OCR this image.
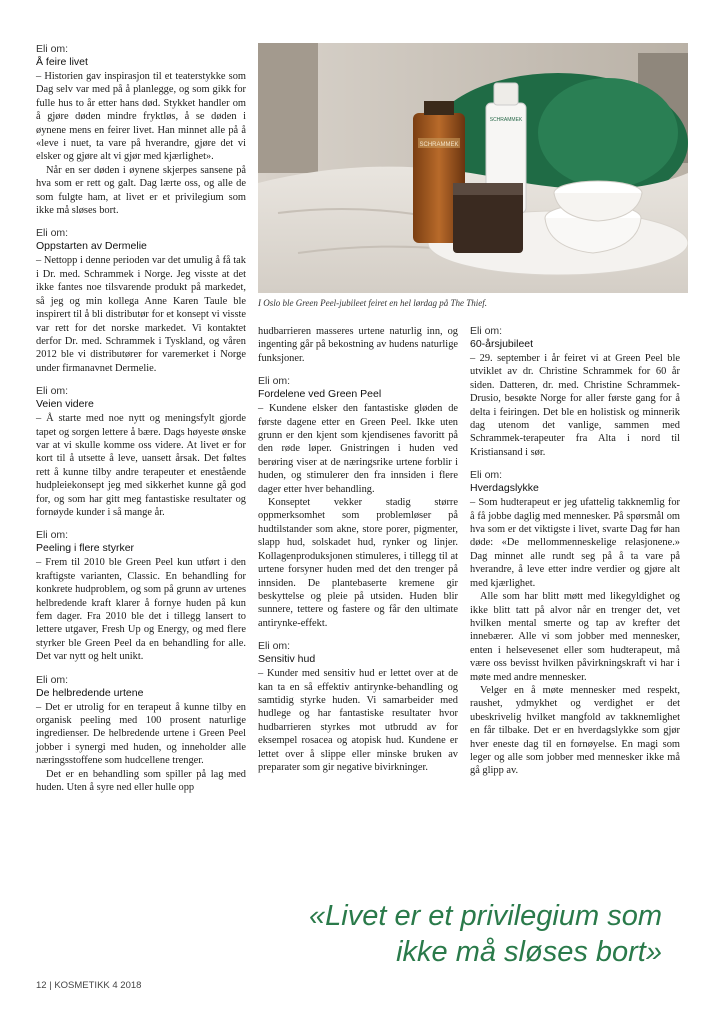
Eli om:
Å feire livet

– Historien gav inspirasjon til et teaterstykke som Dag selv var med på å planlegge, og som gikk for fulle hus to år etter hans død. Stykket handler om å gjøre døden mindre fryktløs, å se døden i øynene mens en feirer livet. Han minnet alle på å «leve i nuet, ta vare på hverandre, gjøre det vi elsker og gjøre alt vi gjør med kjærlighet».

Når en ser døden i øynene skjerpes sansene på hva som er rett og galt. Dag lærte oss, og alle de som fulgte ham, at livet er et privilegium som ikke må sløses bort.

Eli om:
Oppstarten av Dermelie

– Nettopp i denne perioden var det umulig å få tak i Dr. med. Schrammek i Norge. Jeg visste at det ikke fantes noe tilsvarende produkt på markedet, så jeg og min kollega Anne Karen Taule ble inspirert til å bli distributør for et konsept vi visste var rett for det norske markedet. Vi kontaktet derfor Dr. med. Schrammek i Tyskland, og våren 2012 ble vi distributører for varemerket i Norge under firmanavnet Dermelie.

Eli om:
Veien videre

– Å starte med noe nytt og meningsfylt gjorde tapet og sorgen lettere å bære. Dags høyeste ønske var at vi skulle komme oss videre. At livet er for kort til å utsette å leve, uansett årsak. Det føltes rett å kunne tilby andre terapeuter et enestående hudpleiekonsept jeg med sikkerhet kunne gå god for, og som har gitt meg fantastiske resultater og fornøyde kunder i så mange år.

Eli om:
Peeling i flere styrker

– Frem til 2010 ble Green Peel kun utført i den kraftigste varianten, Classic. En behandling for konkrete hudproblem, og som på grunn av urtenes helbredende kraft klarer å fornye huden på kun fem dager. Fra 2010 ble det i tillegg lansert to lettere utgaver, Fresh Up og Energy, og med flere styrker ble Green Peel da en behandling for alle. Det var nytt og helt unikt.

Eli om:
De helbredende urtene

– Det er utrolig for en terapeut å kunne tilby en organisk peeling med 100 prosent naturlige ingredienser. De helbredende urtene i Green Peel jobber i synergi med huden, og inneholder alle næringsstoffene som hudcellene trenger.

Det er en behandling som spiller på lag med huden. Uten å syre ned eller hulle opp

SCHRAMMEK
SCHRAMMEK
I Oslo ble Green Peel-jubileet feiret en hel lørdag på The Thief.

hudbarrieren masseres urtene naturlig inn, og ingenting går på bekostning av hudens naturlige funksjoner.

Eli om:
Fordelene ved Green Peel

– Kundene elsker den fantastiske gløden de første dagene etter en Green Peel. Ikke uten grunn er den kjent som kjendisenes favoritt på den røde løper. Gnistringen i huden ved berøring viser at de næringsrike urtene forblir i huden, og stimulerer den fra innsiden i flere dager etter hver behandling.

Konseptet vekker stadig større oppmerksomhet som problemløser på hudtilstander som akne, store porer, pigmenter, slapp hud, solskadet hud, rynker og linjer. Kollagenproduksjonen stimuleres, i tillegg til at urtene forsyner huden med det den trenger på innsiden. De plantebaserte kremene gir beskyttelse og pleie på utsiden. Huden blir sunnere, tettere og fastere og får den ultimate antirynke-effekt.

Eli om:
Sensitiv hud

– Kunder med sensitiv hud er lettet over at de kan ta en så effektiv antirynke-behandling og samtidig styrke huden. Vi samarbeider med hudlege og har fantastiske resultater hvor hudbarrieren styrkes mot utbrudd av for eksempel rosacea og atopisk hud. Kundene er lettet over å slippe eller minske bruken av preparater som gir negative bivirkninger.

Eli om:
60-årsjubileet

– 29. september i år feiret vi at Green Peel ble utviklet av dr. Christine Schrammek for 60 år siden. Datteren, dr. med. Christine Schrammek-Drusio, besøkte Norge for aller første gang for å delta i feiringen. Det ble en holistisk og minnerik dag utenom det vanlige, sammen med Schrammek-terapeuter fra Alta i nord til Kristiansand i sør.

Eli om:
Hverdagslykke

– Som hudterapeut er jeg ufattelig takknemlig for å få jobbe daglig med mennesker. På spørsmål om hva som er det viktigste i livet, svarte Dag før han døde: «De mellommenneskelige relasjonene.» Dag minnet alle rundt seg på å ta vare på hverandre, å leve etter indre verdier og gjøre alt med kjærlighet.

Alle som har blitt møtt med likegyldighet og ikke blitt tatt på alvor når en trenger det, vet hvilken mental smerte og tap av krefter det innebærer. Alle vi som jobber med mennesker, enten i helsevesenet eller som hudterapeut, må være oss bevisst hvilken påvirkningskraft vi har i møte med andre mennesker.

Velger en å møte mennesker med respekt, raushet, ydmykhet og verdighet er det ubeskrivelig hvilket mangfold av takknemlighet en får tilbake. Det er en hverdagslykke som gjør hver eneste dag til en fornøyelse. En magi som leger og alle som jobber med mennesker ikke må gå glipp av.

«Livet er et privilegium som
ikke må sløses bort»
12 | KOSMETIKK 4 2018
